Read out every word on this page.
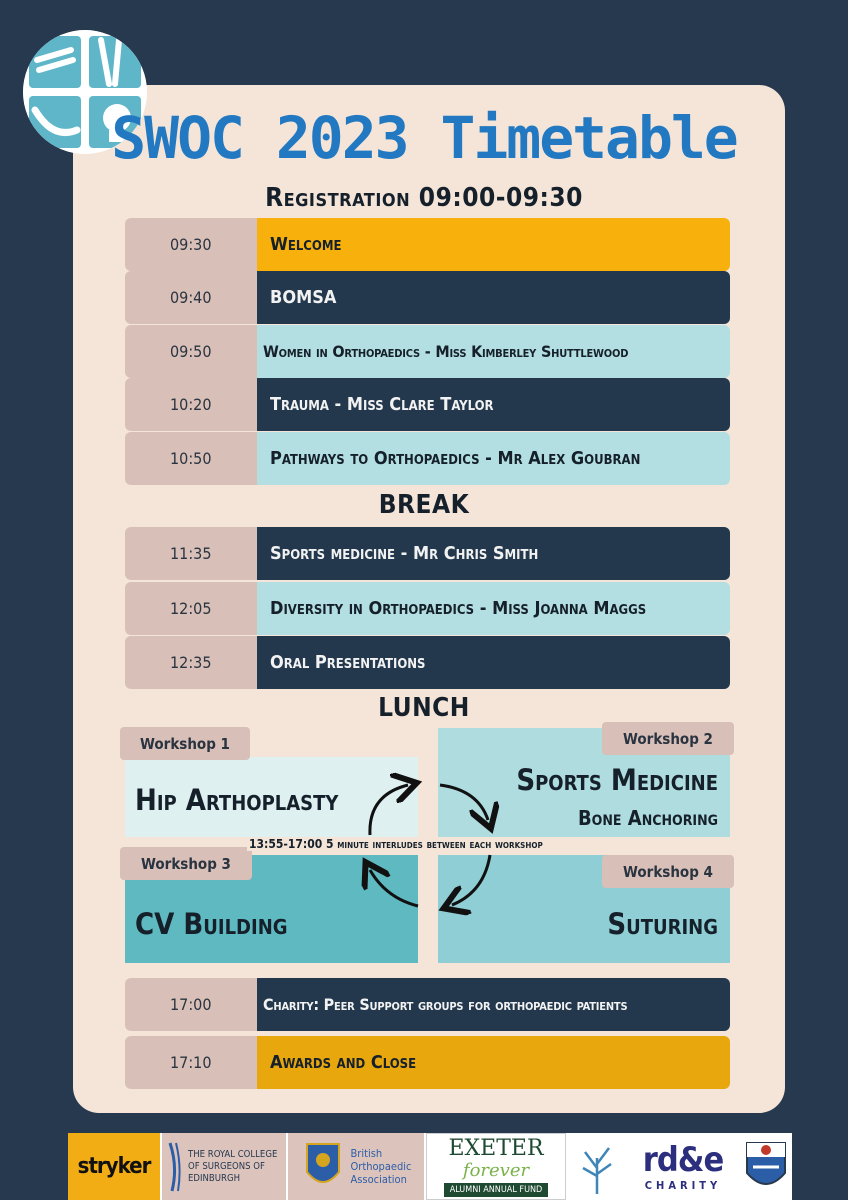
SWOC 2023 Timetable
Registration 09:00-09:30
09:30	Welcome
09:40	BOMSA
09:50	Women in Orthopaedics - Miss Kimberley Shuttlewood
10:20	Trauma - Miss Clare Taylor
10:50	Pathways to Orthopaedics - Mr Alex Goubran
BREAK
11:35	Sports medicine - Mr Chris Smith
12:05	Diversity in Orthopaedics - Miss Joanna Maggs
12:35	Oral Presentations
LUNCH
Workshop 1
Hip Arthoplasty
Workshop 2
Sports Medicine
Bone Anchoring
Workshop 3
CV Building
Workshop 4
Suturing
13:55-17:00 5 minute interludes between each workshop
17:00	Charity: Peer Support groups for orthopaedic patients
17:10	Awards and Close
stryker	THE ROYAL COLLEGE
OF SURGEONS OF
EDINBURGH
British
Orthopaedic
Association
EXETER
forever
ALUMNI ANNUAL FUND
rd&e
CHARITY
